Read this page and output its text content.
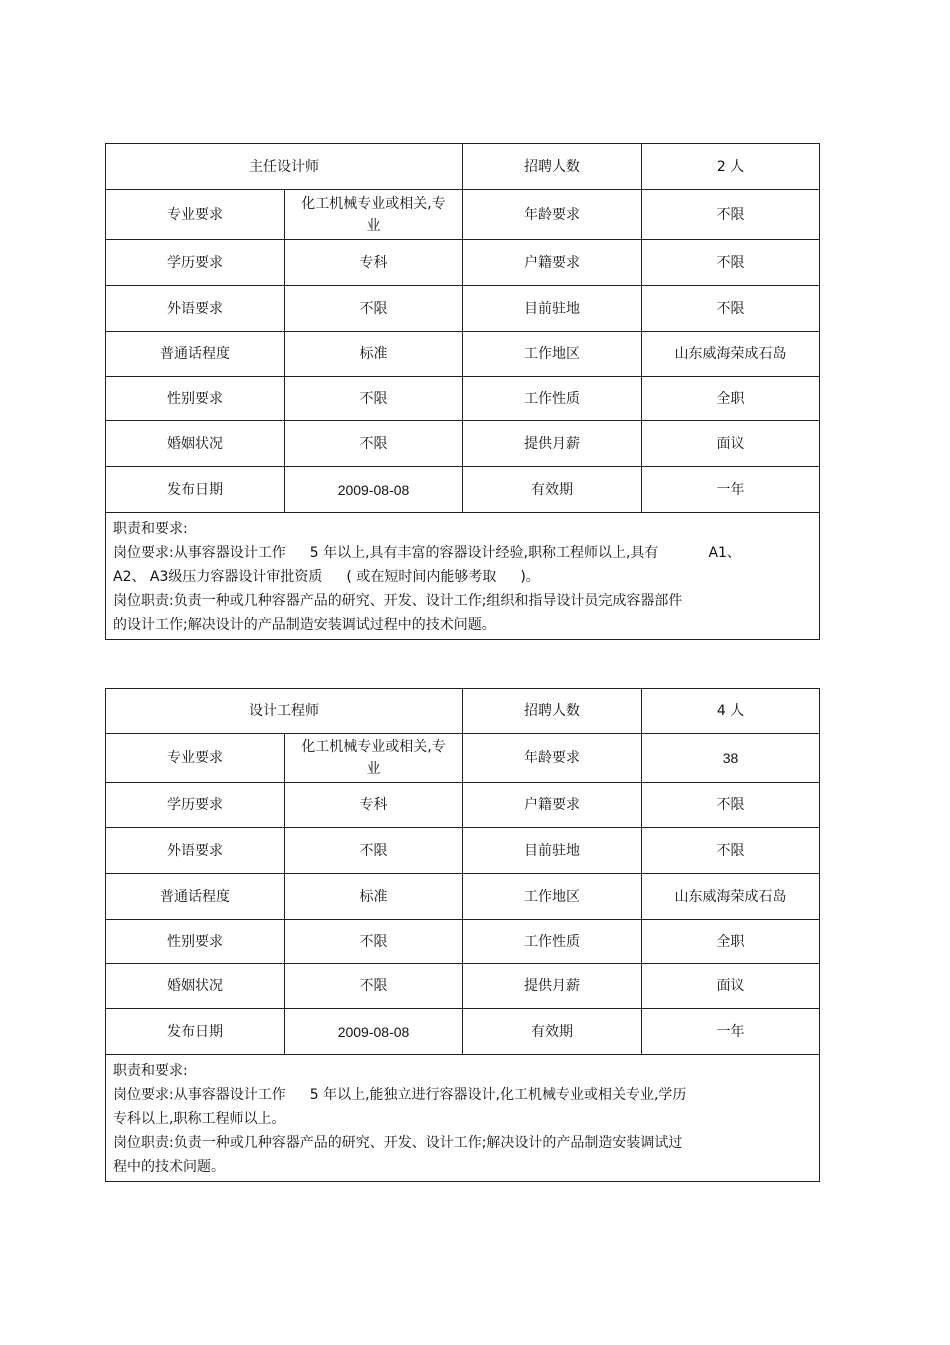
主任设计师		招聘人数	2 人
专业要求	化工机械专业或相关,专业	年龄要求	不限
学历要求	专科	户籍要求	不限
外语要求	不限	目前驻地	不限
普通话程度	标准	工作地区	山东威海荣成石岛
性别要求	不限	工作性质	全职
婚姻状况	不限	提供月薪	面议
发布日期	2009-08-08	有效期	一年

职责和要求:
岗位要求:从事容器设计工作 5 年以上,具有丰富的容器设计经验,职称工程师以上,具有 A1、
A2、 A3级压力容器设计审批资质 ( 或在短时间内能够考取 )。
岗位职责:负责一种或几种容器产品的研究、开发、设计工作;组织和指导设计员完成容器部件
的设计工作;解决设计的产品制造安装调试过程中的技术问题。			
设计工程师		招聘人数	4 人
专业要求	化工机械专业或相关,专业	年龄要求	38
学历要求	专科	户籍要求	不限
外语要求	不限	目前驻地	不限
普通话程度	标准	工作地区	山东威海荣成石岛
性别要求	不限	工作性质	全职
婚姻状况	不限	提供月薪	面议
发布日期	2009-08-08	有效期	一年

职责和要求:
岗位要求:从事容器设计工作 5 年以上,能独立进行容器设计,化工机械专业或相关专业,学历
专科以上,职称工程师以上。
岗位职责:负责一种或几种容器产品的研究、开发、设计工作;解决设计的产品制造安装调试过
程中的技术问题。			
